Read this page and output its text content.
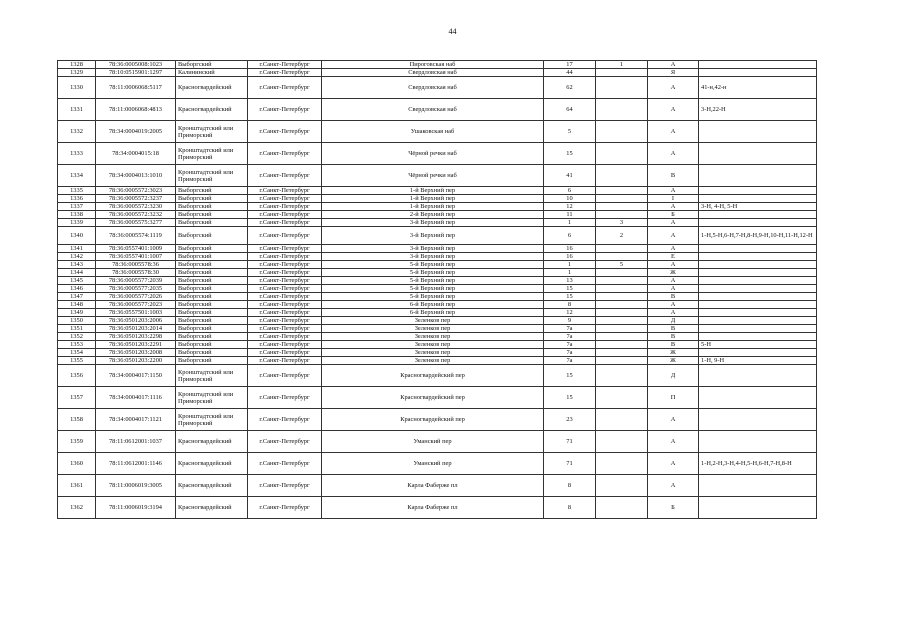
44
1328	78:36:0005008:1023	Выборгский	г.Санкт-Петербург	Пироговская наб	17	1	А	
1329	78:10:0515901:1297	Калининский	г.Санкт-Петербург	Свердловская наб	44		Я	
1330	78:11:0006068:5117	Красногвардейский	г.Санкт-Петербург	Свердловская наб	62		А	41-н,42-н
1331	78:11:0006068:4813	Красногвардейский	г.Санкт-Петербург	Свердловская наб	64		А	3-Н,22-Н
1332	78:34:0004019:2005	Кронштадтский или Приморский	г.Санкт-Петербург	Ушаковская наб	5		А	
1333	78:34:0004015:18	Кронштадтский или Приморский	г.Санкт-Петербург	Чёрной речки наб	15		А	
1334	78:34:0004013:1010	Кронштадтский или Приморский	г.Санкт-Петербург	Чёрной речки наб	41		В	
1335	78:36:0005572:3023	Выборгский	г.Санкт-Петербург	1-й Верхний пер	6		А	
1336	78:36:0005572:3237	Выборгский	г.Санкт-Петербург	1-й Верхний пер	10		І	
1337	78:36:0005572:3230	Выборгский	г.Санкт-Петербург	1-й Верхний пер	12		А	3-Н, 4-Н, 5-Н
1338	78:36:0005572:3232	Выборгский	г.Санкт-Петербург	2-й Верхний пер	11		Б	
1339	78:36:0005575:3277	Выборгский	г.Санкт-Петербург	3-й Верхний пер	1	3	А	
1340	78:36:0005574:1119	Выборгский	г.Санкт-Петербург	3-й Верхний пер	6	2	А	1-Н,5-Н,6-Н,7-Н,8-Н,9-Н,10-Н,11-Н,12-Н
1341	78:36:0557401:1009	Выборгский	г.Санкт-Петербург	3-й Верхний пер	16		А	
1342	78:36:0557401:1007	Выборгский	г.Санкт-Петербург	3-й Верхний пер	16		Е	
1343	78:36:0005578:36	Выборгский	г.Санкт-Петербург	5-й Верхний пер	1	5	А	
1344	78:36:0005578:30	Выборгский	г.Санкт-Петербург	5-й Верхний пер	1		Ж	
1345	78:36:0005577:2039	Выборгский	г.Санкт-Петербург	5-й Верхний пер	13		А	
1346	78:36:0005577:2035	Выборгский	г.Санкт-Петербург	5-й Верхний пер	15		А	
1347	78:36:0005577:2026	Выборгский	г.Санкт-Петербург	5-й Верхний пер	15		В	
1348	78:36:0005577:2023	Выборгский	г.Санкт-Петербург	6-й Верхний пер	8		А	
1349	78:36:0557501:1003	Выборгский	г.Санкт-Петербург	6-й Верхний пер	12		А	
1350	78:36:0501203:2006	Выборгский	г.Санкт-Петербург	Зеленков пер	9		Д	
1351	78:36:0501203:2014	Выборгский	г.Санкт-Петербург	Зеленков пер	7а		В	
1352	78:36:0501203:2298	Выборгский	г.Санкт-Петербург	Зеленков пер	7а		В	
1353	78:36:0501203:2291	Выборгский	г.Санкт-Петербург	Зеленков пер	7а		В	5-Н
1354	78:36:0501203:2008	Выборгский	г.Санкт-Петербург	Зеленков пер	7а		Ж	
1355	78:36:0501203:2200	Выборгский	г.Санкт-Петербург	Зеленков пер	7а		Ж	1-Н, 9-Н
1356	78:34:0004017:1150	Кронштадтский или Приморский	г.Санкт-Петербург	Красногвардейский пер	15		Д	
1357	78:34:0004017:1116	Кронштадтский или Приморский	г.Санкт-Петербург	Красногвардейский пер	15		П	
1358	78:34:0004017:1121	Кронштадтский или Приморский	г.Санкт-Петербург	Красногвардейский пер	23		А	
1359	78:11:0612001:1037	Красногвардейский	г.Санкт-Петербург	Уманский пер	71		А	
1360	78:11:0612001:1146	Красногвардейский	г.Санкт-Петербург	Уманский пер	71		А	1-Н,2-Н,3-Н,4-Н,5-Н,6-Н,7-Н,8-Н
1361	78:11:0006019:3005	Красногвардейский	г.Санкт-Петербург	Карла Фаберже пл	8		А	
1362	78:11:0006019:3194	Красногвардейский	г.Санкт-Петербург	Карла Фаберже пл	8		Б	
